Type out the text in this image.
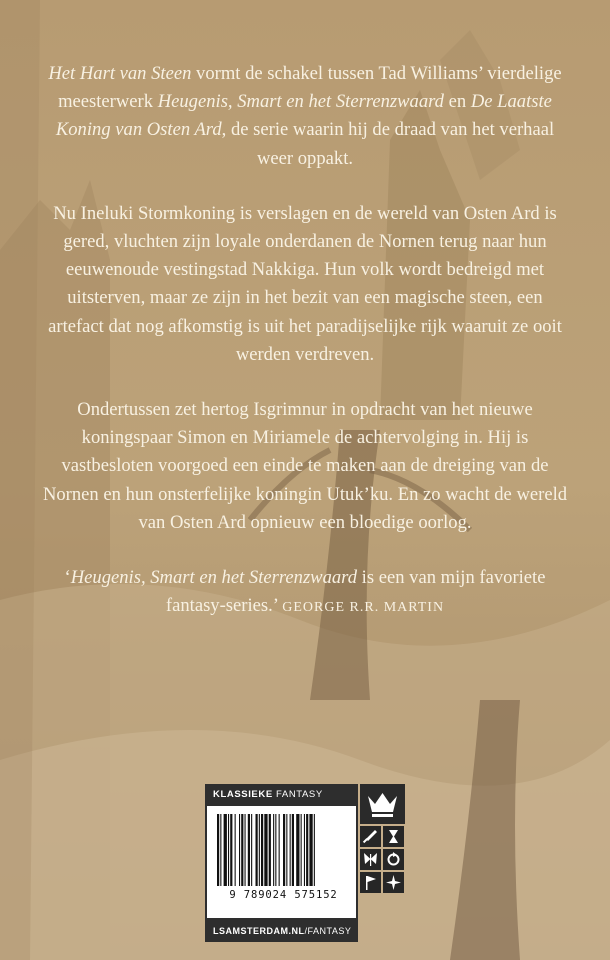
Het Hart van Steen vormt de schakel tussen Tad Williams’ vierdelige meesterwerk Heugenis, Smart en het Sterrenzwaard en De Laatste Koning van Osten Ard, de serie waarin hij de draad van het verhaal weer oppakt.

Nu Ineluki Stormkoning is verslagen en de wereld van Osten Ard is gered, vluchten zijn loyale onderdanen de Nornen terug naar hun eeuwenoude vestingstad Nakkiga. Hun volk wordt bedreigd met uitsterven, maar ze zijn in het bezit van een magische steen, een artefact dat nog afkomstig is uit het paradijselijke rijk waaruit ze ooit werden verdreven.

Ondertussen zet hertog Isgrimnur in opdracht van het nieuwe koningspaar Simon en Miriamele de achtervolging in. Hij is vastbesloten voorgoed een einde te maken aan de dreiging van de Nornen en hun onsterfelijke koningin Utuk’ku. En zo wacht de wereld van Osten Ard opnieuw een bloedige oorlog.

‘Heugenis, Smart en het Sterrenzwaard is een van mijn favoriete fantasy-series.’ GEORGE R.R. MARTIN

KLASSIEKE FANTASY
9 789024 575152
LSAMSTERDAM.NL/FANTASY
